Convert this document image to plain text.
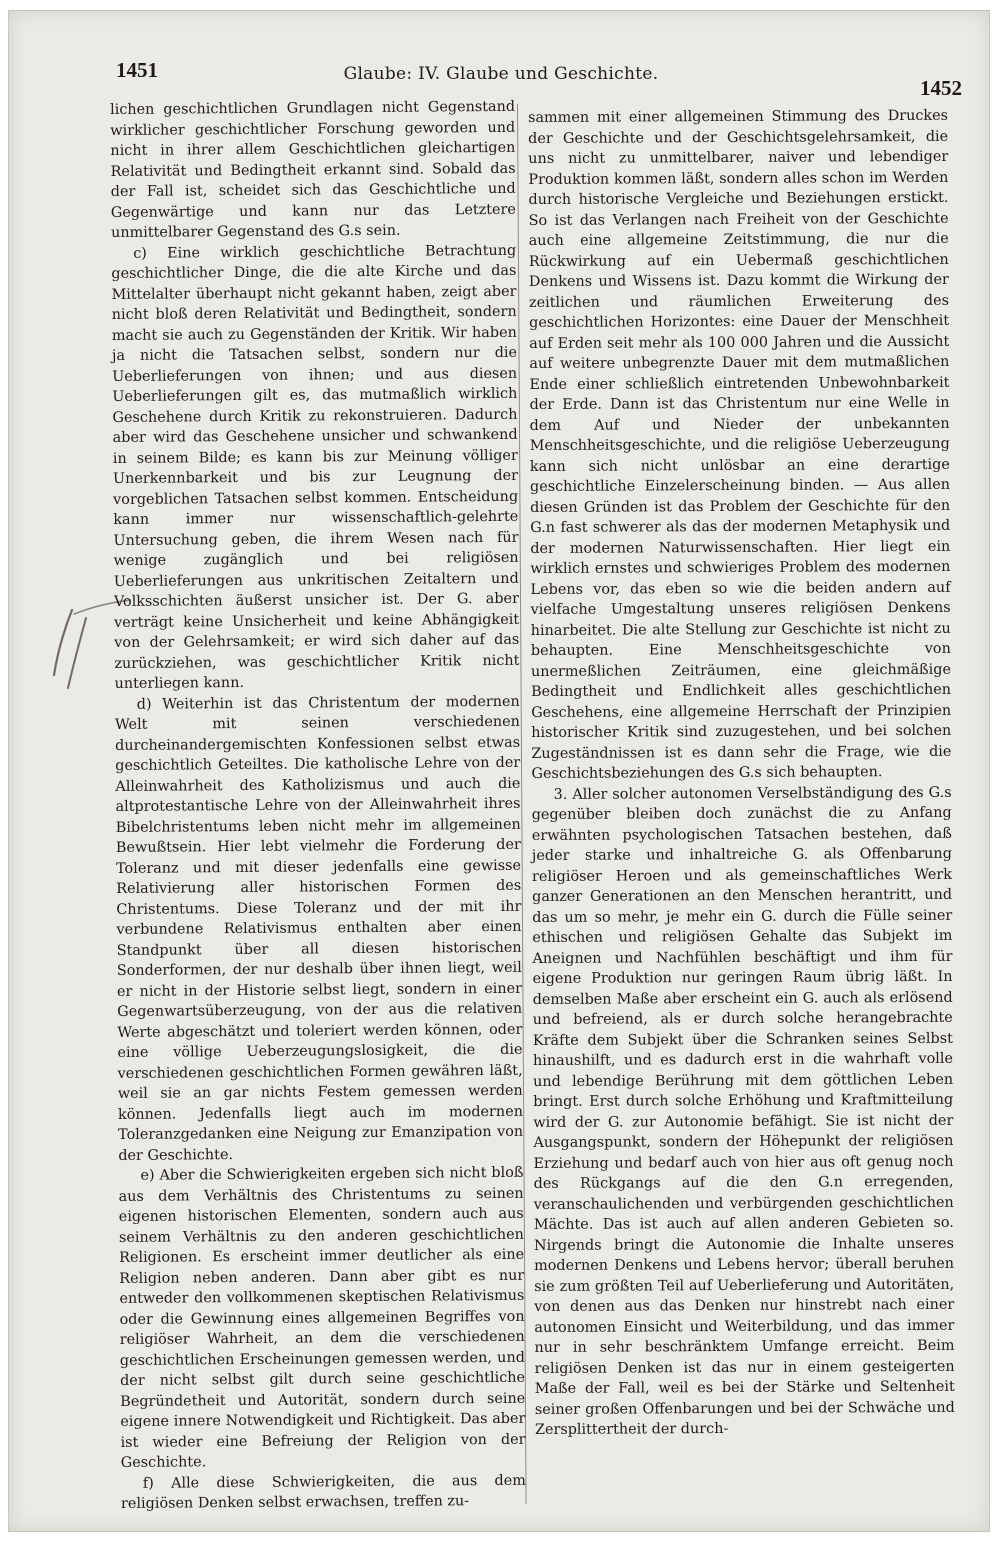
1451	Glaube: IV. Glaube und Geschichte.
1452

lichen geschichtlichen Grundlagen nicht Gegenstand wirklicher geschichtlicher Forschung geworden und nicht in ihrer allem Geschichtlichen gleichartigen Relativität und Bedingtheit erkannt sind. Sobald das der Fall ist, scheidet sich das Geschichtliche und Gegenwärtige und kann nur das Letztere unmittelbarer Gegenstand des G.s sein.

c) Eine wirklich geschichtliche Betrachtung geschichtlicher Dinge, die die alte Kirche und das Mittelalter überhaupt nicht gekannt haben, zeigt aber nicht bloß deren Relativität und Bedingtheit, sondern macht sie auch zu Gegenständen der Kritik. Wir haben ja nicht die Tatsachen selbst, sondern nur die Ueberlieferungen von ihnen; und aus diesen Ueberlieferungen gilt es, das mutmaßlich wirklich Geschehene durch Kritik zu rekonstruieren. Dadurch aber wird das Geschehene unsicher und schwankend in seinem Bilde; es kann bis zur Meinung völliger Unerkennbarkeit und bis zur Leugnung der vorgeblichen Tatsachen selbst kommen. Entscheidung kann immer nur wissenschaftlich-gelehrte Untersuchung geben, die ihrem Wesen nach für wenige zugänglich und bei religiösen Ueberlieferungen aus unkritischen Zeitaltern und Volksschichten äußerst unsicher ist. Der G. aber verträgt keine Unsicherheit und keine Abhängigkeit von der Gelehrsamkeit; er wird sich daher auf das zurückziehen, was geschichtlicher Kritik nicht unterliegen kann.

d) Weiterhin ist das Christentum der modernen Welt mit seinen verschiedenen durcheinandergemischten Konfessionen selbst etwas geschichtlich Geteiltes. Die katholische Lehre von der Alleinwahrheit des Katholizismus und auch die altprotestantische Lehre von der Alleinwahrheit ihres Bibelchristentums leben nicht mehr im allgemeinen Bewußtsein. Hier lebt vielmehr die Forderung der Toleranz und mit dieser jedenfalls eine gewisse Relativierung aller historischen Formen des Christentums. Diese Toleranz und der mit ihr verbundene Relativismus enthalten aber einen Standpunkt über all diesen historischen Sonderformen, der nur deshalb über ihnen liegt, weil er nicht in der Historie selbst liegt, sondern in einer Gegenwartsüberzeugung, von der aus die relativen Werte abgeschätzt und toleriert werden können, oder eine völlige Ueberzeugungslosigkeit, die die verschiedenen geschichtlichen Formen gewähren läßt, weil sie an gar nichts Festem gemessen werden können. Jedenfalls liegt auch im modernen Toleranzgedanken eine Neigung zur Emanzipation von der Geschichte.

e) Aber die Schwierigkeiten ergeben sich nicht bloß aus dem Verhältnis des Christentums zu seinen eigenen historischen Elementen, sondern auch aus seinem Verhältnis zu den anderen geschichtlichen Religionen. Es erscheint immer deutlicher als eine Religion neben anderen. Dann aber gibt es nur entweder den vollkommenen skeptischen Relativismus oder die Gewinnung eines allgemeinen Begriffes von religiöser Wahrheit, an dem die verschiedenen geschichtlichen Erscheinungen gemessen werden, und der nicht selbst gilt durch seine geschichtliche Begründetheit und Autorität, sondern durch seine eigene innere Notwendigkeit und Richtigkeit. Das aber ist wieder eine Befreiung der Religion von der Geschichte.

f) Alle diese Schwierigkeiten, die aus dem religiösen Denken selbst erwachsen, treffen zu-

sammen mit einer allgemeinen Stimmung des Druckes der Geschichte und der Geschichtsgelehrsamkeit, die uns nicht zu unmittelbarer, naiver und lebendiger Produktion kommen läßt, sondern alles schon im Werden durch historische Vergleiche und Beziehungen erstickt. So ist das Verlangen nach Freiheit von der Geschichte auch eine allgemeine Zeitstimmung, die nur die Rückwirkung auf ein Uebermaß geschichtlichen Denkens und Wissens ist. Dazu kommt die Wirkung der zeitlichen und räumlichen Erweiterung des geschichtlichen Horizontes: eine Dauer der Menschheit auf Erden seit mehr als 100 000 Jahren und die Aussicht auf weitere unbegrenzte Dauer mit dem mutmaßlichen Ende einer schließlich eintretenden Unbewohnbarkeit der Erde. Dann ist das Christentum nur eine Welle in dem Auf und Nieder der unbekannten Menschheitsgeschichte, und die religiöse Ueberzeugung kann sich nicht unlösbar an eine derartige geschichtliche Einzelerscheinung binden. — Aus allen diesen Gründen ist das Problem der Geschichte für den G.n fast schwerer als das der modernen Metaphysik und der modernen Naturwissenschaften. Hier liegt ein wirklich ernstes und schwieriges Problem des modernen Lebens vor, das eben so wie die beiden andern auf vielfache Umgestaltung unseres religiösen Denkens hinarbeitet. Die alte Stellung zur Geschichte ist nicht zu behaupten. Eine Menschheitsgeschichte von unermeßlichen Zeiträumen, eine gleichmäßige Bedingtheit und Endlichkeit alles geschichtlichen Geschehens, eine allgemeine Herrschaft der Prinzipien historischer Kritik sind zuzugestehen, und bei solchen Zugeständnissen ist es dann sehr die Frage, wie die Geschichtsbeziehungen des G.s sich behaupten.

3. Aller solcher autonomen Verselbständigung des G.s gegenüber bleiben doch zunächst die zu Anfang erwähnten psychologischen Tatsachen bestehen, daß jeder starke und inhaltreiche G. als Offenbarung religiöser Heroen und als gemeinschaftliches Werk ganzer Generationen an den Menschen herantritt, und das um so mehr, je mehr ein G. durch die Fülle seiner ethischen und religiösen Gehalte das Subjekt im Aneignen und Nachfühlen beschäftigt und ihm für eigene Produktion nur geringen Raum übrig läßt. In demselben Maße aber erscheint ein G. auch als erlösend und befreiend, als er durch solche herangebrachte Kräfte dem Subjekt über die Schranken seines Selbst hinaushilft, und es dadurch erst in die wahrhaft volle und lebendige Berührung mit dem göttlichen Leben bringt. Erst durch solche Erhöhung und Kraftmitteilung wird der G. zur Autonomie befähigt. Sie ist nicht der Ausgangspunkt, sondern der Höhepunkt der religiösen Erziehung und bedarf auch von hier aus oft genug noch des Rückgangs auf die den G.n erregenden, veranschaulichenden und verbürgenden geschichtlichen Mächte. Das ist auch auf allen anderen Gebieten so. Nirgends bringt die Autonomie die Inhalte unseres modernen Denkens und Lebens hervor; überall beruhen sie zum größten Teil auf Ueberlieferung und Autoritäten, von denen aus das Denken nur hinstrebt nach einer autonomen Einsicht und Weiterbildung, und das immer nur in sehr beschränktem Umfange erreicht. Beim religiösen Denken ist das nur in einem gesteigerten Maße der Fall, weil es bei der Stärke und Seltenheit seiner großen Offenbarungen und bei der Schwäche und Zersplittertheit der durch-
